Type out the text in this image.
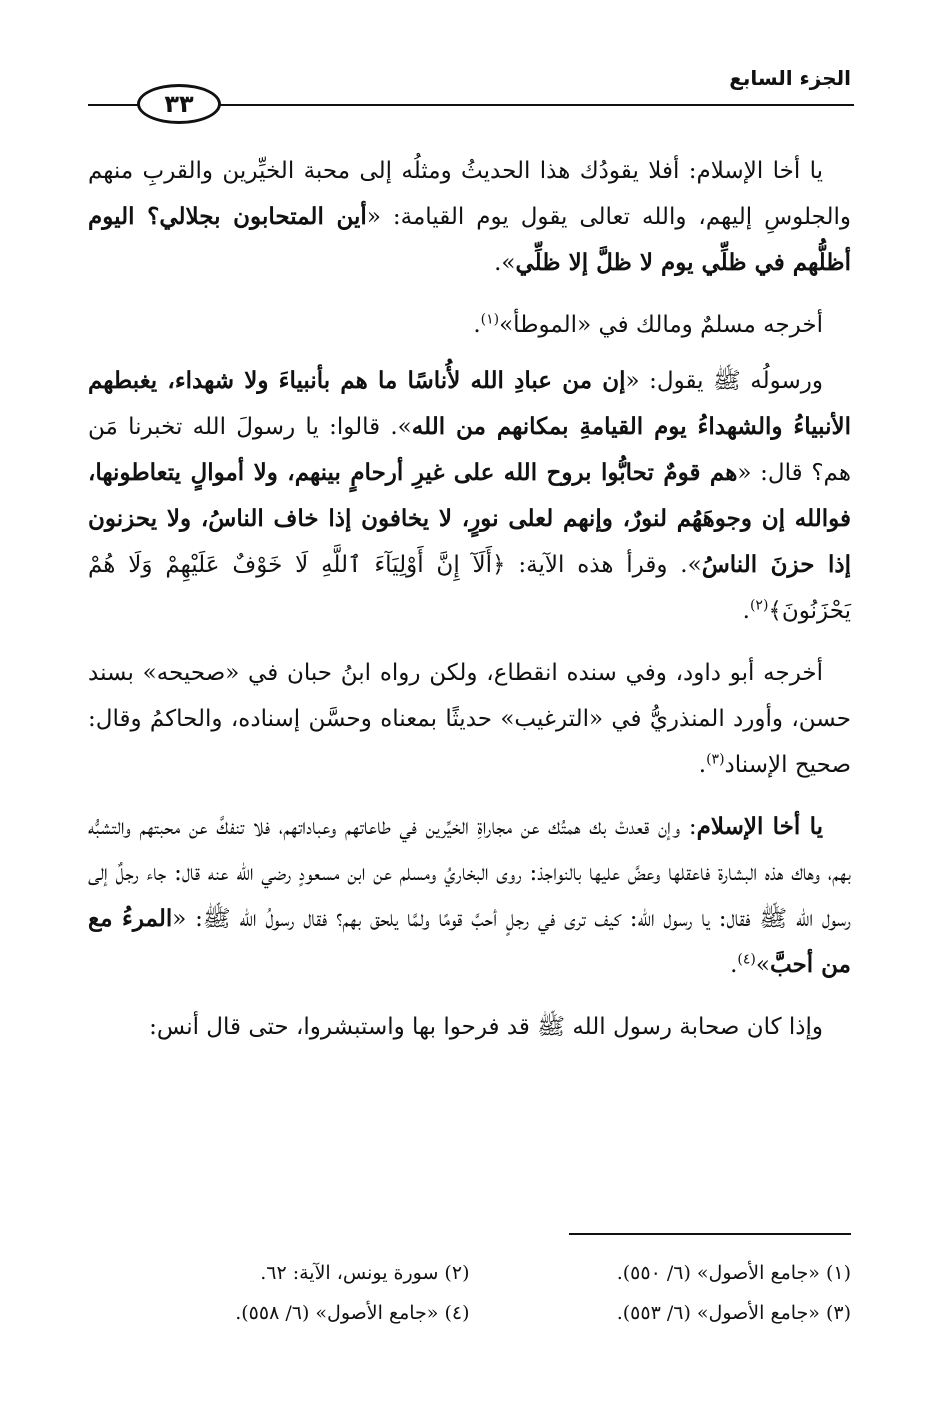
الجزء السابع
٣٣

يا أخا الإسلام: أفلا يقودُك هذا الحديثُ ومثلُه إلى محبة الخيِّرين والقربِ منهم والجلوسِ إليهم، والله تعالى يقول يوم القيامة: «أين المتحابون بجلالي؟ اليوم أظلُّهم في ظلِّي يوم لا ظلَّ إلا ظلِّي».

أخرجه مسلمٌ ومالك في «الموطأ»$^{(١)}$.

ورسولُه ﷺ يقول: «إن من عبادِ الله لأُناسًا ما هم بأنبياءَ ولا شهداء، يغبطهم الأنبياءُ والشهداءُ يوم القيامةِ بمكانهم من الله». قالوا: يا رسولَ الله تخبرنا مَن هم؟ قال: «هم قومٌ تحابُّوا بروح الله على غيرِ أرحامٍ بينهم، ولا أموالٍ يتعاطونها، فوالله إن وجوهَهُم لنورٌ، وإنهم لعلى نورٍ، لا يخافون إذا خاف الناسُ، ولا يحزنون إذا حزنَ الناسُ». وقرأ هذه الآية: ﴿أَلَآ إِنَّ أَوْلِيَآءَ ٱللَّهِ لَا خَوْفٌ عَلَيْهِمْ وَلَا هُمْ يَحْزَنُونَ﴾$^{(٢)}$.

أخرجه أبو داود، وفي سنده انقطاع، ولكن رواه ابنُ حبان في «صحيحه» بسند حسن، وأورد المنذريُّ في «الترغيب» حديثًا بمعناه وحسَّن إسناده، والحاكمُ وقال: صحيح الإسناد$^{(٣)}$.

يا أخا الإسلام: وإن قعدتْ بك همتُك عن مجاراةِ الخيِّرين في طاعاتهم وعباداتهم، فلا تنفكَّ عن محبتهم والتشبُّه بهم، وهاك هذه البشارة فاعقلها وعضَّ عليها بالنواجذ: روى البخاريُ ومسلم عن ابن مسعودٍ رضي الله عنه قال: جاء رجلٌ إلى رسول الله ﷺ فقال: يا رسول الله: كيف ترى في رجلٍ أحبَّ قومًا ولمَّا يلحق بهم؟ فقال رسولُ الله ﷺ: «المرءُ مع من أحبَّ»$^{(٤)}$.

وإذا كان صحابة رسول الله ﷺ قد فرحوا بها واستبشروا، حتى قال أنس:

(١) «جامع الأصول» (٦/ ٥٥٠).
(٢) سورة يونس، الآية: ٦٢.
(٣) «جامع الأصول» (٦/ ٥٥٣).
(٤) «جامع الأصول» (٦/ ٥٥٨).
